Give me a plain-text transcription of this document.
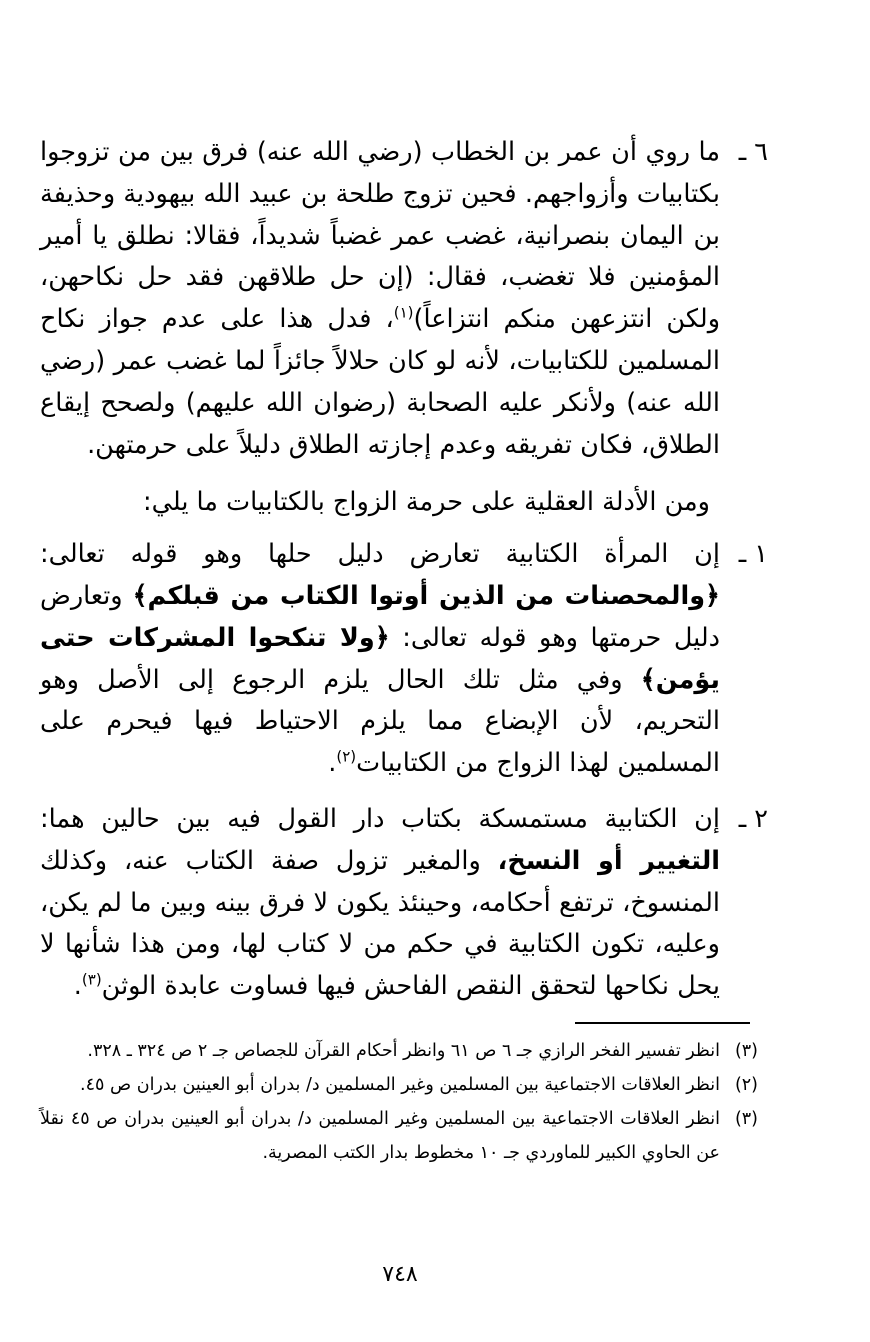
٦ ـ
ما روي أن عمر بن الخطاب (رضي الله عنه) فرق بين من تزوجوا بكتابيات وأزواجهم. فحين تزوج طلحة بن عبيد الله بيهودية وحذيفة بن اليمان بنصرانية، غضب عمر غضباً شديداً، فقالا: نطلق يا أمير المؤمنين فلا تغضب، فقال: (إن حل طلاقهن فقد حل نكاحهن، ولكن انتزعهن منكم انتزاعاً)$^{(١)}$، فدل هذا على عدم جواز نكاح المسلمين للكتابيات، لأنه لو كان حلالاً جائزاً لما غضب عمر (رضي الله عنه) ولأنكر عليه الصحابة (رضوان الله عليهم) ولصحح إيقاع الطلاق، فكان تفريقه وعدم إجازته الطلاق دليلاً على حرمتهن.
ومن الأدلة العقلية على حرمة الزواج بالكتابيات ما يلي:
١ ـ
إن المرأة الكتابية تعارض دليل حلها وهو قوله تعالى: ﴿والمحصنات من الذين أوتوا الكتاب من قبلكم﴾ وتعارض دليل حرمتها وهو قوله تعالى: ﴿ولا تنكحوا المشركات حتى يؤمن﴾ وفي مثل تلك الحال يلزم الرجوع إلى الأصل وهو التحريم، لأن الإبضاع مما يلزم الاحتياط فيها فيحرم على المسلمين لهذا الزواج من الكتابيات$^{(٢)}$.
٢ ـ
إن الكتابية مستمسكة بكتاب دار القول فيه بين حالين هما: التغيير أو النسخ، والمغير تزول صفة الكتاب عنه، وكذلك المنسوخ، ترتفع أحكامه، وحينئذ يكون لا فرق بينه وبين ما لم يكن، وعليه، تكون الكتابية في حكم من لا كتاب لها، ومن هذا شأنها لا يحل نكاحها لتحقق النقص الفاحش فيها فساوت عابدة الوثن$^{(٣)}$.
(٣)
انظر تفسير الفخر الرازي جـ ٦ ص ٦١ وانظر أحكام القرآن للجصاص جـ ٢ ص ٣٢٤ ـ ٣٢٨.
(٢)
انظر العلاقات الاجتماعية بين المسلمين وغير المسلمين د/ بدران أبو العينين بدران ص ٤٥.
(٣)
انظر العلاقات الاجتماعية بين المسلمين وغير المسلمين د/ بدران أبو العينين بدران ص ٤٥ نقلاً عن الحاوي الكبير للماوردي جـ ١٠ مخطوط بدار الكتب المصرية.
٧٤٨
